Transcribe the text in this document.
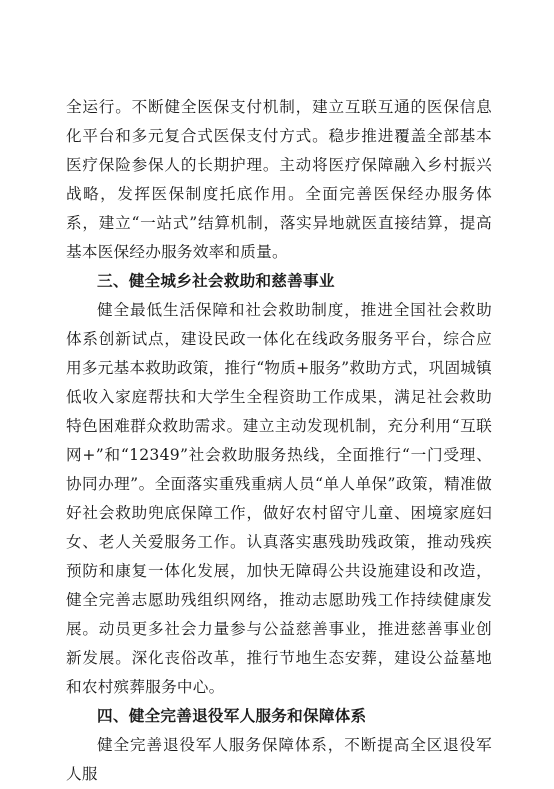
全运行。不断健全医保支付机制，建立互联互通的医保信息化平台和多元复合式医保支付方式。稳步推进覆盖全部基本医疗保险参保人的长期护理。主动将医疗保障融入乡村振兴战略，发挥医保制度托底作用。全面完善医保经办服务体系，建立“一站式”结算机制，落实异地就医直接结算，提高基本医保经办服务效率和质量。

三、健全城乡社会救助和慈善事业

健全最低生活保障和社会救助制度，推进全国社会救助体系创新试点，建设民政一体化在线政务服务平台，综合应用多元基本救助政策，推行“物质+服务”救助方式，巩固城镇低收入家庭帮扶和大学生全程资助工作成果，满足社会救助特色困难群众救助需求。建立主动发现机制，充分利用“互联网+”和“12349”社会救助服务热线，全面推行“一门受理、协同办理”。全面落实重残重病人员“单人单保”政策，精准做好社会救助兜底保障工作，做好农村留守儿童、困境家庭妇女、老人关爱服务工作。认真落实惠残助残政策，推动残疾预防和康复一体化发展，加快无障碍公共设施建设和改造，健全完善志愿助残组织网络，推动志愿助残工作持续健康发展。动员更多社会力量参与公益慈善事业，推进慈善事业创新发展。深化丧俗改革，推行节地生态安葬，建设公益墓地和农村殡葬服务中心。

四、健全完善退役军人服务和保障体系

健全完善退役军人服务保障体系，不断提高全区退役军人服
